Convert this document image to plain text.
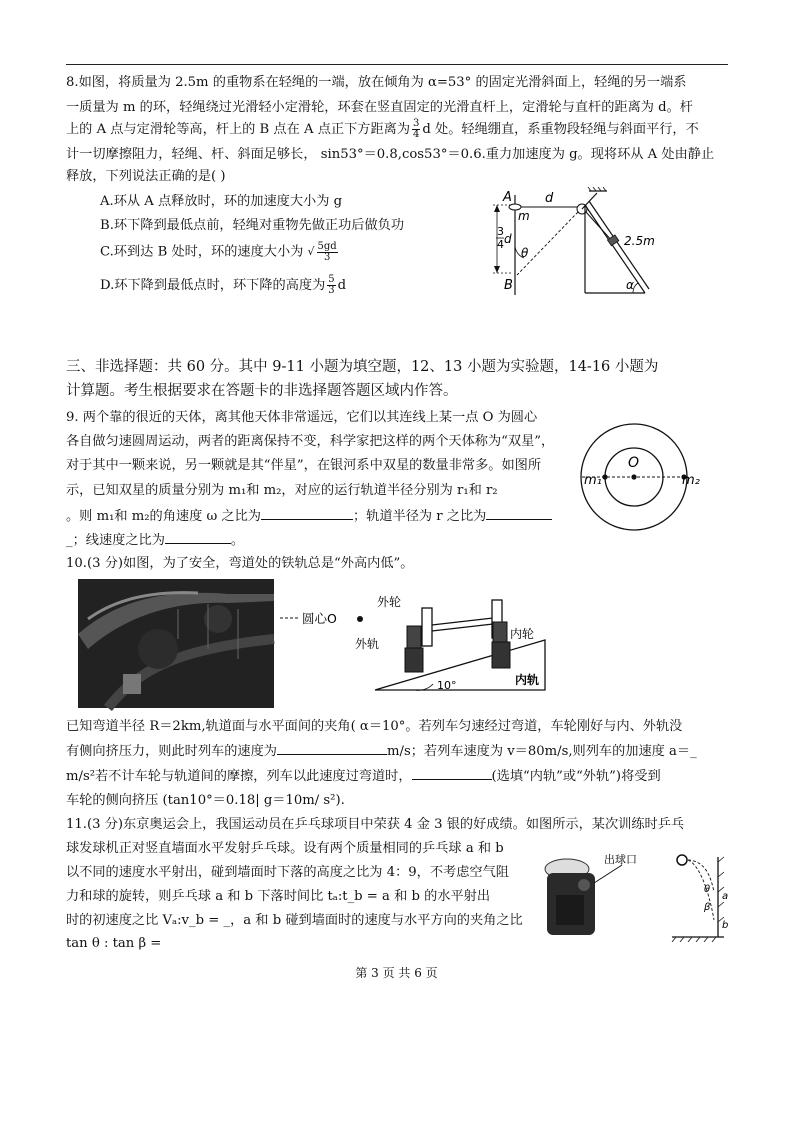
8.如图，将质量为 2.5m 的重物系在轻绳的一端，放在倾角为 α=53° 的固定光滑斜面上，轻绳的另一端系
一质量为 m 的环，轻绳绕过光滑轻小定滑轮，环套在竖直固定的光滑直杆上，定滑轮与直杆的距离为 d。杆
上的 A 点与定滑轮等高，杆上的 B 点在 A 点正下方距离为 $\frac{3}{4}$ d 处。轻绳绷直，系重物段轻绳与斜面平行，不
计一切摩擦阻力，轻绳、杆、斜面足够长， sin53°＝0.8,cos53°＝0.6.重力加速度为 g。现将环从 A 处由静止
释放，下列说法正确的是( )
A.环从 A 点释放时，环的加速度大小为 g
B.环下降到最低点前，轻绳对重物先做正功后做负功
C.环到达 B 处时，环的速度大小为 √ $\frac{5gd}{3}$
D.环下降到最低点时，环下降的高度为 $\frac{5}{3}$ d
A
B
d
m
2.5m
3
4 d
θ
α
三、非选择题：共 60 分。其中 9-11 小题为填空题，12、13 小题为实验题，14-16 小题为
计算题。考生根据要求在答题卡的非选择题答题区域内作答。
9. 两个靠的很近的天体，离其他天体非常遥远，它们以其连线上某一点 O 为圆心
各自做匀速圆周运动，两者的距离保持不变，科学家把这样的两个天体称为“双星”，
对于其中一颗来说，另一颗就是其“伴星”，在银河系中双星的数量非常多。如图所
示，已知双星的质量分别为 m₁和 m₂，对应的运行轨道半径分别为 r₁和 r₂
。则 m₁和 m₂的角速度 ω 之比为	；轨道半径为 r 之比为
_；线速度之比为	。
O
m₁	m₂
10.(3 分)如图，为了安全，弯道处的铁轨总是“外高内低”。
圆心O
外轮
外轨
内轮
内轨
10°
已知弯道半径 R＝2km,轨道面与水平面间的夹角( α＝10°。若列车匀速经过弯道，车轮刚好与内、外轨没
有侧向挤压力，则此时列车的速度为	m/s；若列车速度为 v＝80m/s,则列车的加速度 a＝_
m/s²若不计车轮与轨道间的摩擦，列车以此速度过弯道时，	(选填“内轨”或“外轨”)将受到
车轮的侧向挤压 (tan10°＝0.18| g＝10m/ s²).
11.(3 分)东京奥运会上，我国运动员在乒乓球项目中荣获 4 金 3 银的好成绩。如图所示，某次训练时乒乓
球发球机正对竖直墙面水平发射乒乓球。设有两个质量相同的乒乓球 a 和 b
以不同的速度水平射出，碰到墙面时下落的高度之比为 4：9，不考虑空气阻
力和球的旋转，则乒乓球 a 和 b 下落时间比 tₐ:t_b = a 和 b 的水平射出
时的初速度之比 Vₐ:v_b = _，a 和 b 碰到墙面时的速度与水平方向的夹角之比
tan θ : tan β =
出球口
θ
β
a
b
第 3 页 共 6 页
